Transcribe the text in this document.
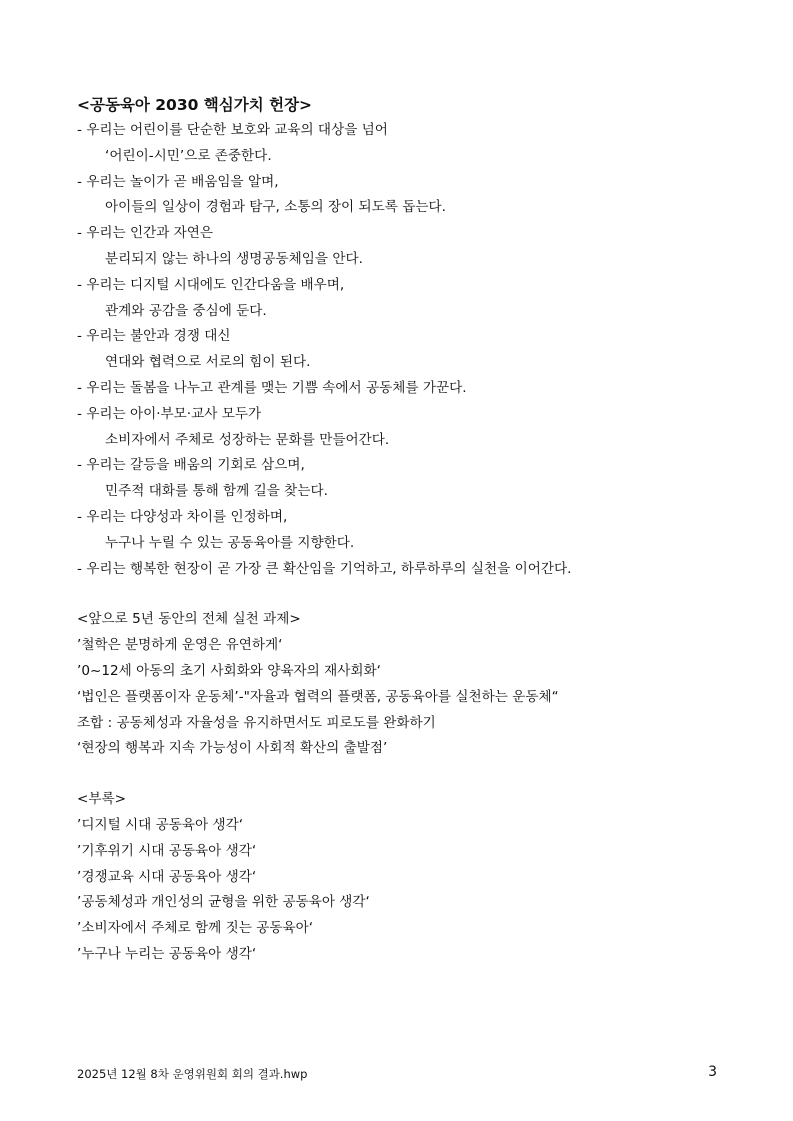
<공동육아 2030 핵심가치 헌장>
- 우리는 어린이를 단순한 보호와 교육의 대상을 넘어
‘어린이-시민’으로 존중한다.
- 우리는 놀이가 곧 배움임을 알며,
아이들의 일상이 경험과 탐구, 소통의 장이 되도록 돕는다.
- 우리는 인간과 자연은
분리되지 않는 하나의 생명공동체임을 안다.
- 우리는 디지털 시대에도 인간다움을 배우며,
관계와 공감을 중심에 둔다.
- 우리는 불안과 경쟁 대신
연대와 협력으로 서로의 힘이 된다.
- 우리는 돌봄을 나누고 관계를 맺는 기쁨 속에서 공동체를 가꾼다.
- 우리는 아이·부모·교사 모두가
소비자에서 주체로 성장하는 문화를 만들어간다.
- 우리는 갈등을 배움의 기회로 삼으며,
민주적 대화를 통해 함께 길을 찾는다.
- 우리는 다양성과 차이를 인정하며,
누구나 누릴 수 있는 공동육아를 지향한다.
- 우리는 행복한 현장이 곧 가장 큰 확산임을 기억하고, 하루하루의 실천을 이어간다.
<앞으로 5년 동안의 전체 실천 과제>
’철학은 분명하게 운영은 유연하게‘
’0~12세 아동의 초기 사회화와 양육자의 재사회화‘
‘법인은 플랫폼이자 운동체’-"자율과 협력의 플랫폼, 공동육아를 실천하는 운동체“
조합 : 공동체성과 자율성을 유지하면서도 피로도를 완화하기
‘현장의 행복과 지속 가능성이 사회적 확산의 출발점’
<부록>
’디지털 시대 공동육아 생각‘
’기후위기 시대 공동육아 생각‘
’경쟁교육 시대 공동육아 생각‘
’공동체성과 개인성의 균형을 위한 공동육아 생각‘
’소비자에서 주체로 함께 짓는 공동육아‘
’누구나 누리는 공동육아 생각‘
2025년 12월 8차 운영위원회 회의 결과.hwp	3
